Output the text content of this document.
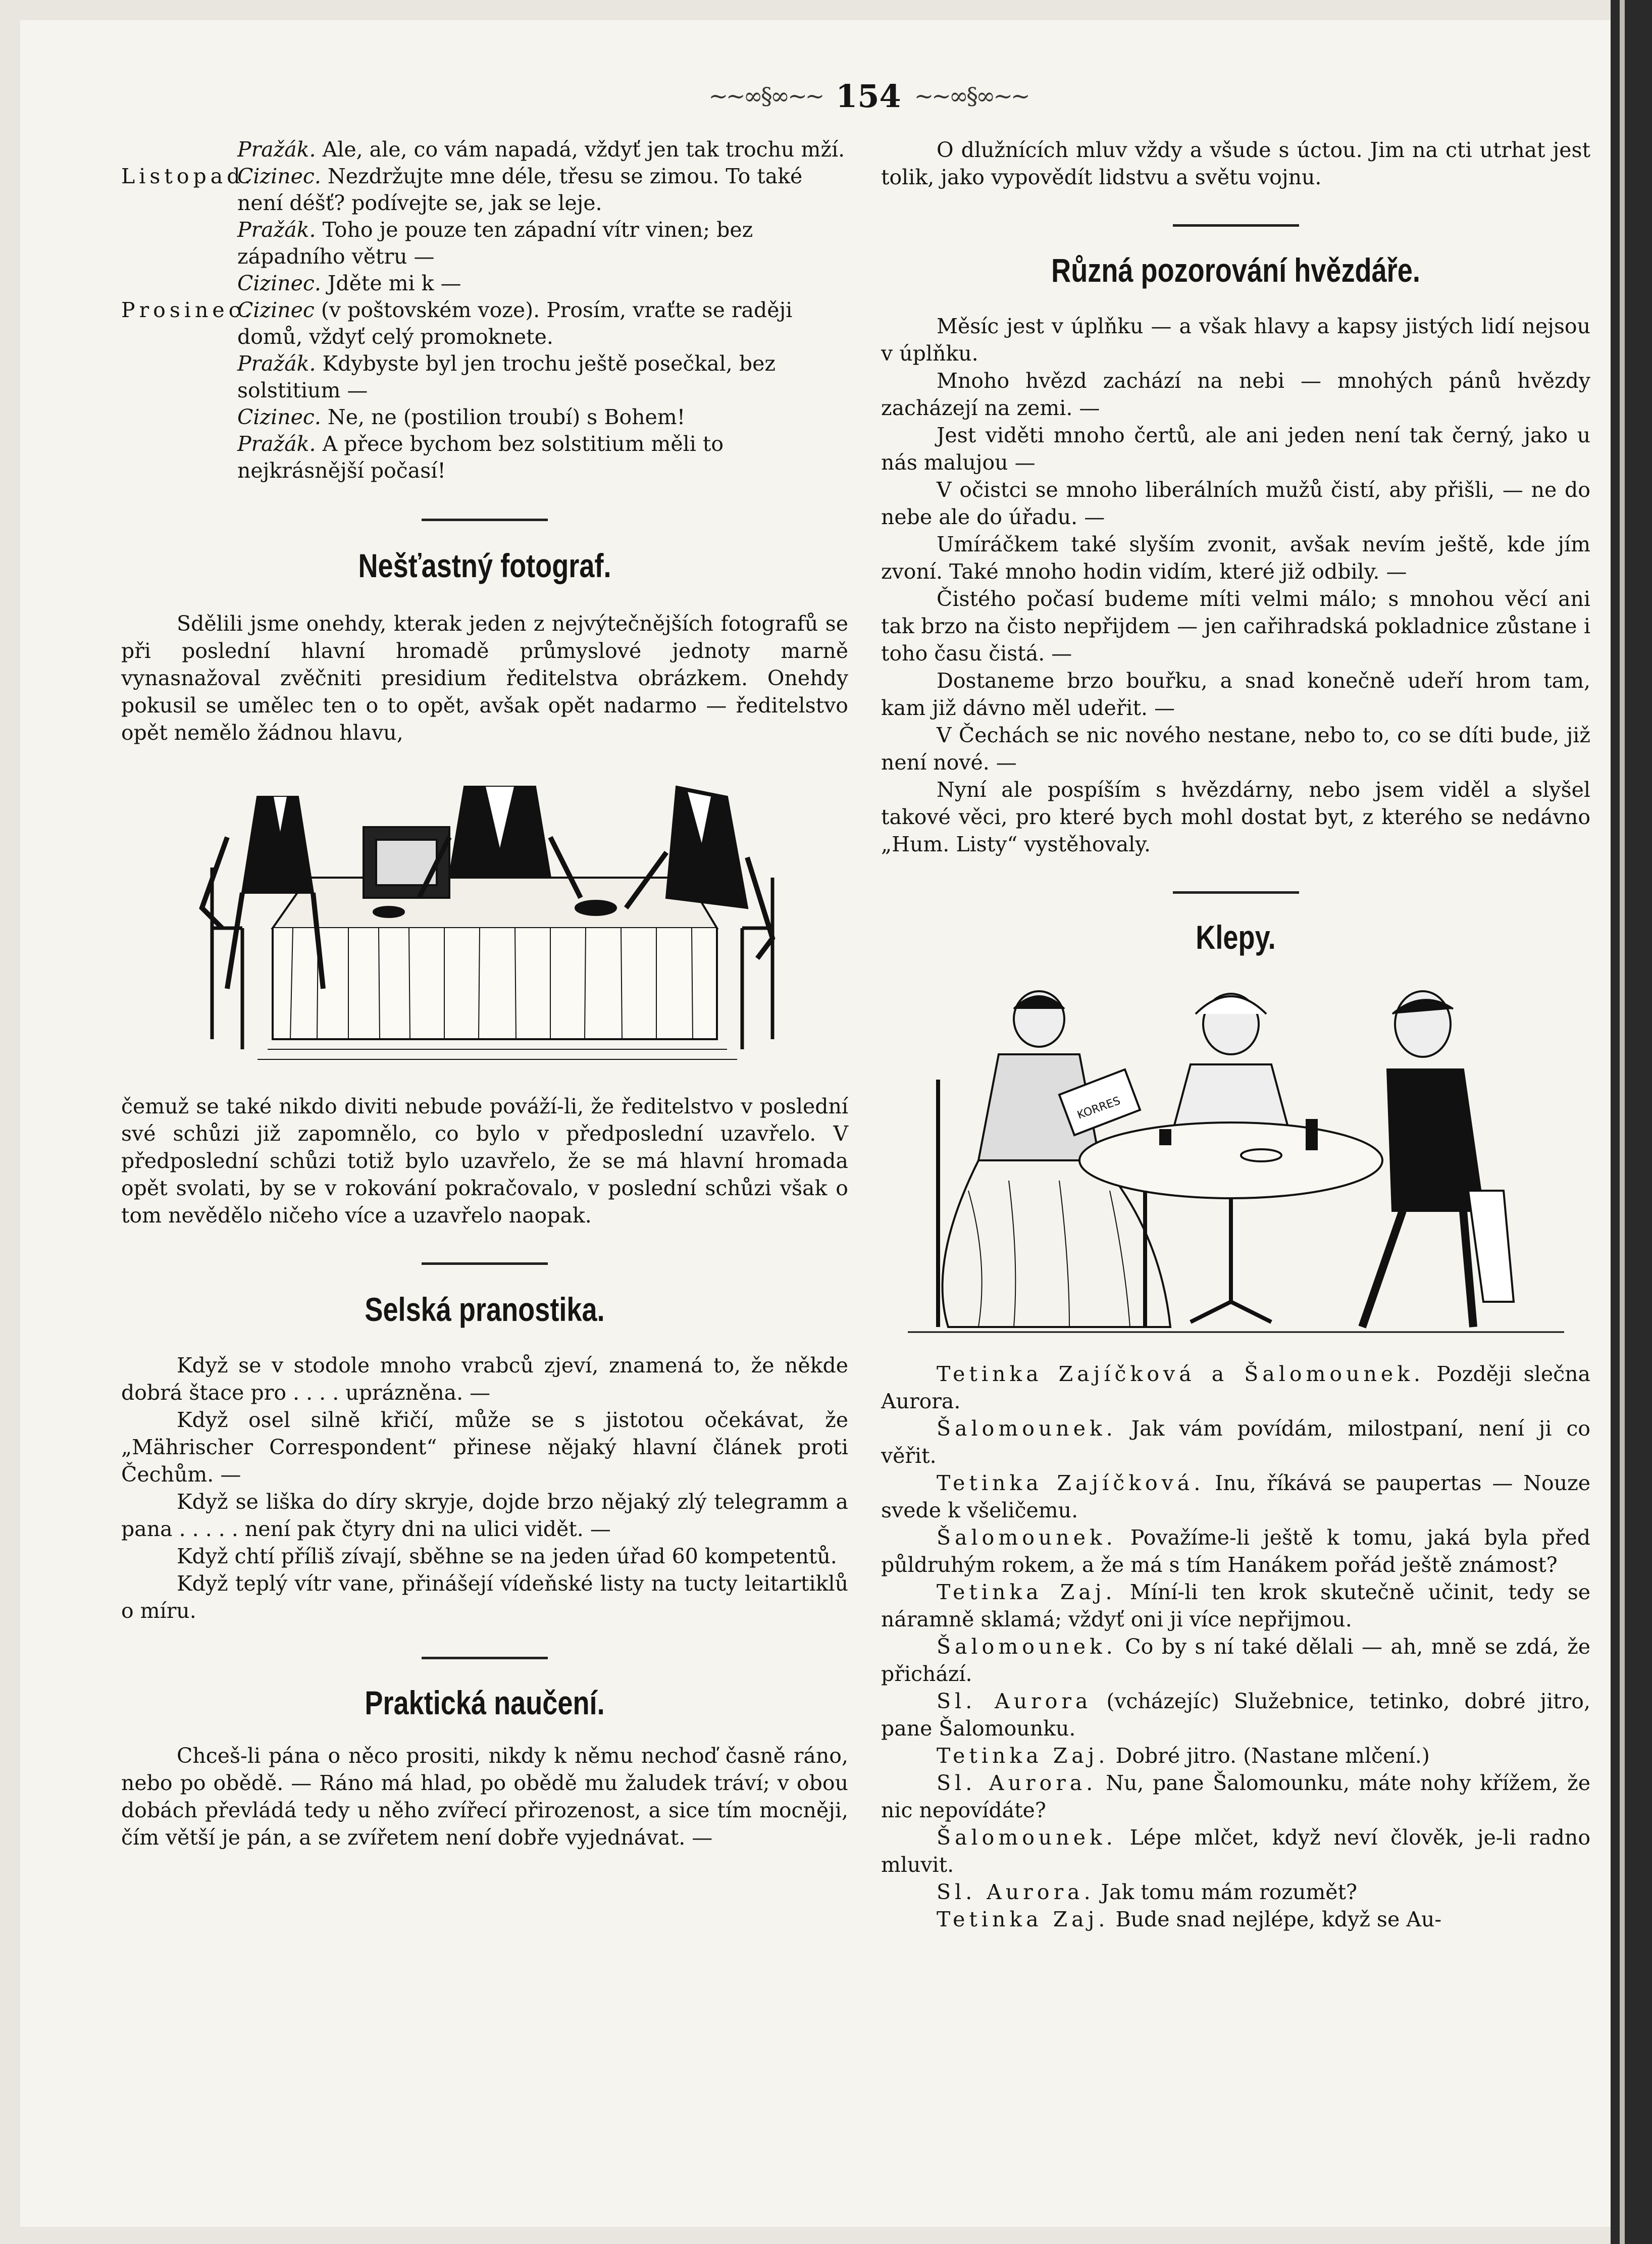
~~∞§∞~~ 154 ~~∞§∞~~

Pražák. Ale, ale, co vám napadá, vždyť jen tak trochu mží.

Listopad.Cizinec. Nezdržujte mne déle, třesu se zimou. To také není déšť? podívejte se, jak se leje.

Pražák. Toho je pouze ten západní vítr vinen; bez západního větru —

Cizinec. Jděte mi k —

Prosinec.Cizinec (v poštovském voze). Prosím, vraťte se raději domů, vždyť celý promoknete.

Pražák. Kdybyste byl jen trochu ještě posečkal, bez solstitium —

Cizinec. Ne, ne (postilion troubí) s Bohem!

Pražák. A přece bychom bez solstitium měli to nejkrásnější počasí!

Nešťastný fotograf.

Sdělili jsme onehdy, kterak jeden z nejvýtečnějších fotografů se při poslední hlavní hromadě průmyslové jednoty marně vynasnažoval zvěčniti presidium ředitelstva obrázkem. Onehdy pokusil se umělec ten o to opět, avšak opět nadarmo — ředitelstvo opět nemělo žádnou hlavu,

čemuž se také nikdo diviti nebude pováží-li, že ředitelstvo v poslední své schůzi již zapomnělo, co bylo v předposlední uzavřelo. V předposlední schůzi totiž bylo uzavřelo, že se má hlavní hromada opět svolati, by se v rokování pokračovalo, v poslední schůzi však o tom nevědělo ničeho více a uzavřelo naopak.

Selská pranostika.

Když se v stodole mnoho vrabců zjeví, znamená to, že někde dobrá štace pro . . . . uprázněna. —

Když osel silně křičí, může se s jistotou očekávat, že „Mährischer Correspondent“ přinese nějaký hlavní článek proti Čechům. —

Když se liška do díry skryje, dojde brzo nějaký zlý telegramm a pana . . . . . není pak čtyry dni na ulici vidět. —

Když chtí příliš zívají, sběhne se na jeden úřad 60 kompetentů.

Když teplý vítr vane, přinášejí vídeňské listy na tucty leitartiklů o míru.

Praktická naučení.

Chceš-li pána o něco prositi, nikdy k němu nechoď časně ráno, nebo po obědě. — Ráno má hlad, po obědě mu žaludek tráví; v obou dobách převládá tedy u něho zvířecí přirozenost, a sice tím mocněji, čím větší je pán, a se zvířetem není dobře vyjednávat. —

O dlužnících mluv vždy a všude s úctou. Jim na cti utrhat jest tolik, jako vypovědít lidstvu a světu vojnu.

Různá pozorování hvězdáře.

Měsíc jest v úplňku — a však hlavy a kapsy jistých lidí nejsou v úplňku.

Mnoho hvězd zachází na nebi — mnohých pánů hvězdy zacházejí na zemi. —

Jest viděti mnoho čertů, ale ani jeden není tak černý, jako u nás malujou —

V očistci se mnoho liberálních mužů čistí, aby přišli, — ne do nebe ale do úřadu. —

Umíráčkem také slyším zvonit, avšak nevím ještě, kde jím zvoní. Také mnoho hodin vidím, které již odbily. —

Čistého počasí budeme míti velmi málo; s mnohou věcí ani tak brzo na čisto nepřijdem — jen cařihradská pokladnice zůstane i toho času čistá. —

Dostaneme brzo bouřku, a snad konečně udeří hrom tam, kam již dávno měl udeřit. —

V Čechách se nic nového nestane, nebo to, co se díti bude, již není nové. —

Nyní ale pospíším s hvězdárny, nebo jsem viděl a slyšel takové věci, pro které bych mohl dostat byt, z kterého se nedávno „Hum. Listy“ vystěhovaly.

Klepy.
KORRES

Tetinka Zajíčková a Šalomounek. Později slečna Aurora.

Šalomounek. Jak vám povídám, milostpaní, není ji co věřit.

Tetinka Zajíčková. Inu, říkává se paupertas — Nouze svede k všeličemu.

Šalomounek. Považíme-li ještě k tomu, jaká byla před půldruhým rokem, a že má s tím Hanákem pořád ještě známost?

Tetinka Zaj. Míní-li ten krok skutečně učinit, tedy se náramně sklamá; vždyť oni ji více nepřijmou.

Šalomounek. Co by s ní také dělali — ah, mně se zdá, že přichází.

Sl. Aurora (vcházejíc) Služebnice, tetinko, dobré jitro, pane Šalomounku.

Tetinka Zaj. Dobré jitro. (Nastane mlčení.)

Sl. Aurora. Nu, pane Šalomounku, máte nohy křížem, že nic nepovídáte?

Šalomounek. Lépe mlčet, když neví člověk, je-li radno mluvit.

Sl. Aurora. Jak tomu mám rozumět?

Tetinka Zaj. Bude snad nejlépe, když se Au-
